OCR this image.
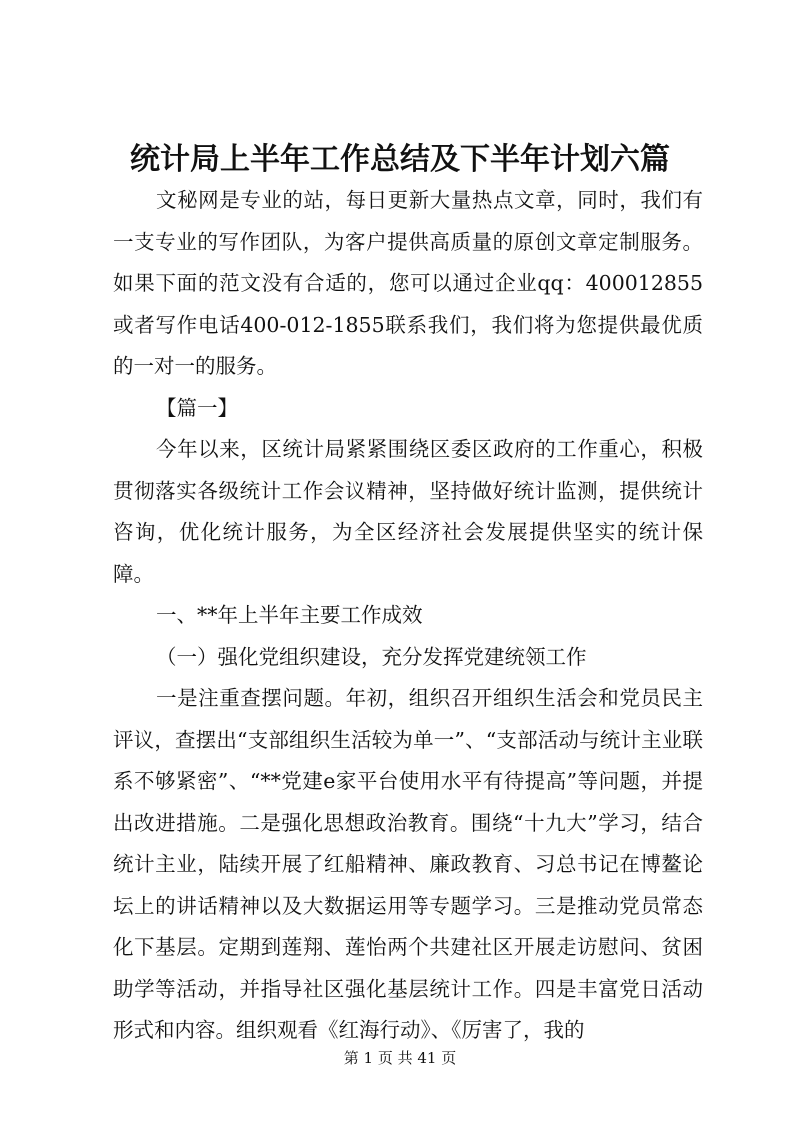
统计局上半年工作总结及下半年计划六篇

文秘网是专业的站，每日更新大量热点文章，同时，我们有一支专业的写作团队，为客户提供高质量的原创文章定制服务。如果下面的范文没有合适的，您可以通过企业qq：400012855或者写作电话400-012-1855联系我们，我们将为您提供最优质的一对一的服务。

【篇一】

今年以来，区统计局紧紧围绕区委区政府的工作重心，积极贯彻落实各级统计工作会议精神，坚持做好统计监测，提供统计咨询，优化统计服务，为全区经济社会发展提供坚实的统计保障。

一、**年上半年主要工作成效

（一）强化党组织建设，充分发挥党建统领工作

一是注重查摆问题。年初，组织召开组织生活会和党员民主评议，查摆出“支部组织生活较为单一”、“支部活动与统计主业联系不够紧密”、“**党建e家平台使用水平有待提高”等问题，并提出改进措施。二是强化思想政治教育。围绕“十九大”学习，结合统计主业，陆续开展了红船精神、廉政教育、习总书记在博鳌论坛上的讲话精神以及大数据运用等专题学习。三是推动党员常态化下基层。定期到莲翔、莲怡两个共建社区开展走访慰问、贫困助学等活动，并指导社区强化基层统计工作。四是丰富党日活动形式和内容。组织观看《红海行动》、《厉害了，我的

第 1 页 共 41 页
